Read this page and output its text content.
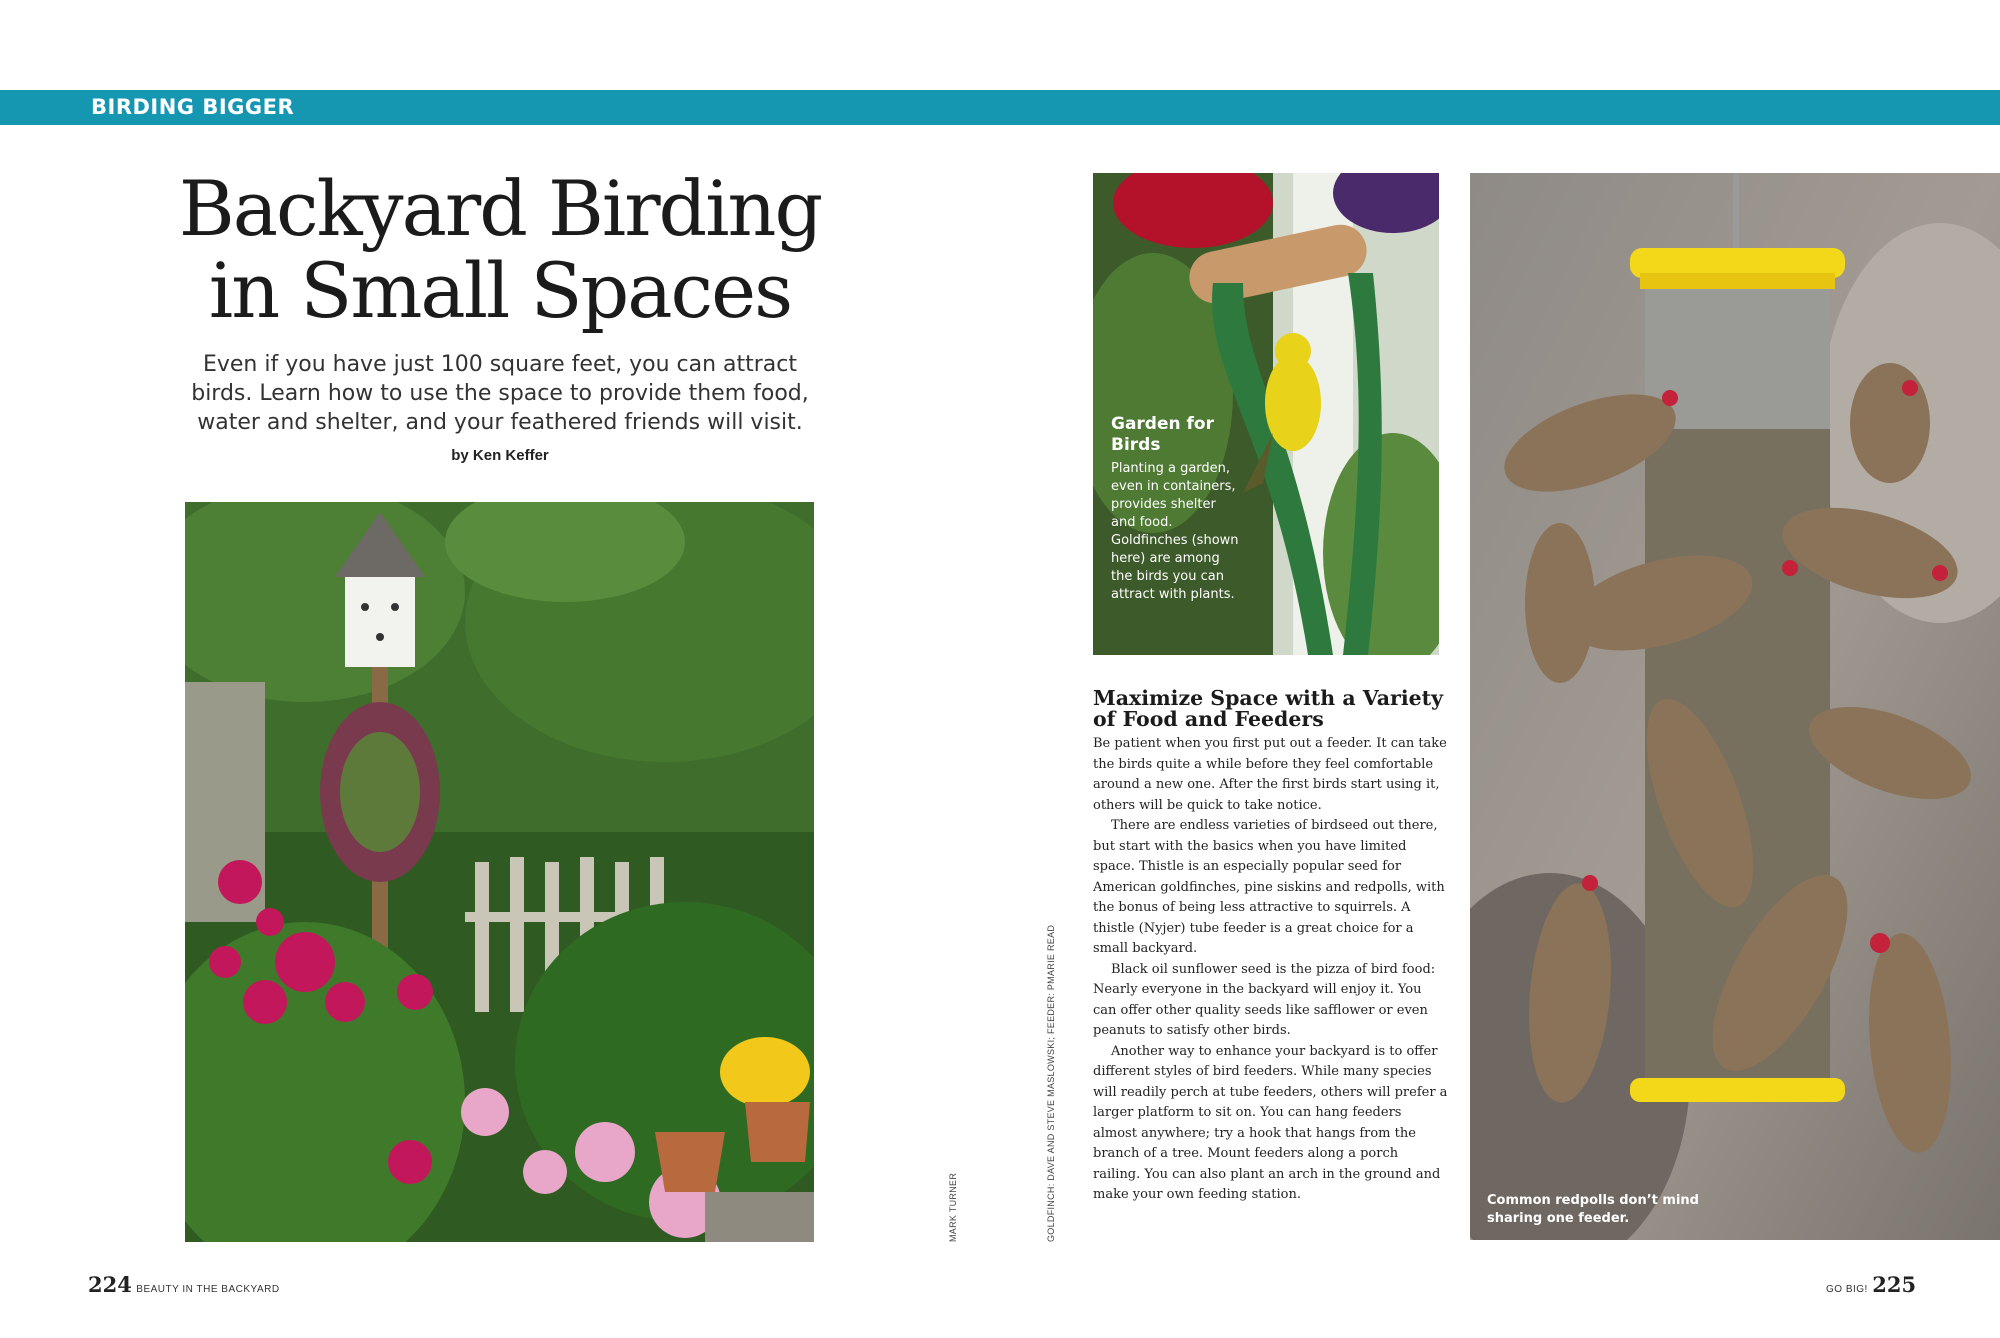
BIRDING BIGGER
Backyard Birding in Small Spaces
Even if you have just 100 square feet, you can attract birds. Learn how to use the space to provide them food, water and shelter, and your feathered friends will visit.
by Ken Keffer
Garden for Birds
Planting a garden, even in containers, provides shelter and food. Goldfinches (shown here) are among the birds you can attract with plants.
MARK TURNER	GOLDFINCH: DAVE AND STEVE MASLOWSKI; FEEDER: PMARIE READ
Maximize Space with a Variety of Food and Feeders

Be patient when you first put out a feeder. It can take the birds quite a while before they feel comfortable around a new one. After the first birds start using it, others will be quick to take notice.

There are endless varieties of birdseed out there, but start with the basics when you have limited space. Thistle is an especially popular seed for American goldfinches, pine siskins and redpolls, with the bonus of being less attractive to squirrels. A thistle (Nyjer) tube feeder is a great choice for a small backyard.

Black oil sunflower seed is the pizza of bird food: Nearly everyone in the backyard will enjoy it. You can offer other quality seeds like safflower or even peanuts to satisfy other birds.

Another way to enhance your backyard is to offer different styles of bird feeders. While many species will readily perch at tube feeders, others will prefer a larger platform to sit on. You can hang feeders almost anywhere; try a hook that hangs from the branch of a tree. Mount feeders along a porch railing. You can also plant an arch in the ground and make your own feeding station.	Common redpolls don’t mind sharing one feeder.
224 BEAUTY IN THE BACKYARD	GO BIG! 225
